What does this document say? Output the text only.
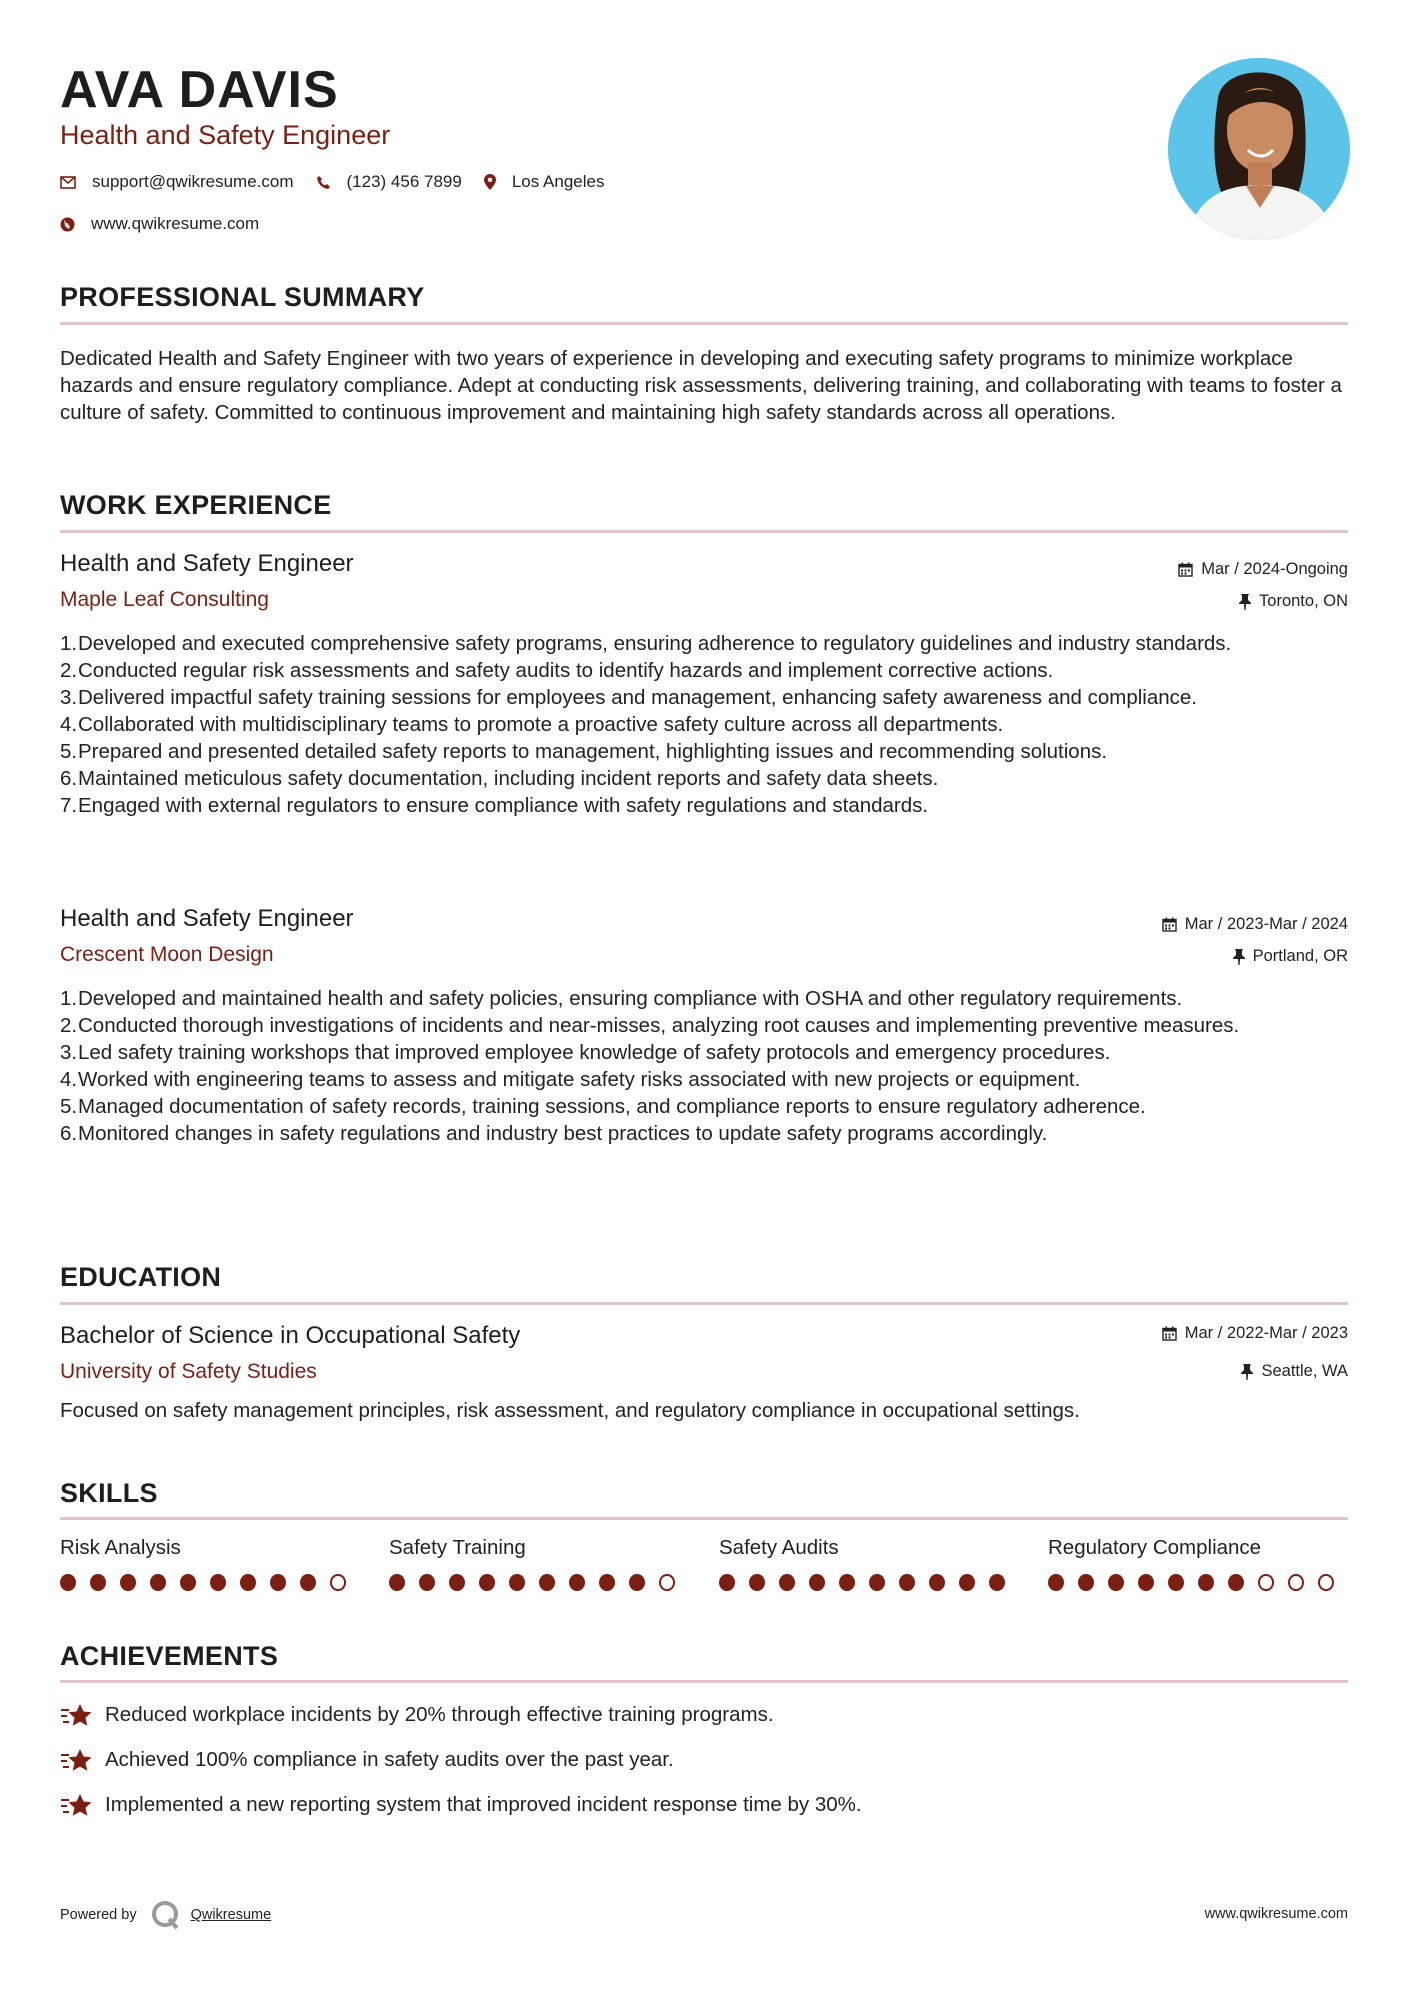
AVA DAVIS
Health and Safety Engineer
support@qwikresume.com	(123) 456 7899	Los Angeles
www.qwikresume.com
PROFESSIONAL SUMMARY
Dedicated Health and Safety Engineer with two years of experience in developing and executing safety programs to minimize workplace hazards and ensure regulatory compliance. Adept at conducting risk assessments, delivering training, and collaborating with teams to foster a culture of safety. Committed to continuous improvement and maintaining high safety standards across all operations.
WORK EXPERIENCE
Health and Safety Engineer	Mar / 2024-Ongoing
Maple Leaf Consulting	Toronto, ON
1. Developed and executed comprehensive safety programs, ensuring adherence to regulatory guidelines and industry standards.
2. Conducted regular risk assessments and safety audits to identify hazards and implement corrective actions.
3. Delivered impactful safety training sessions for employees and management, enhancing safety awareness and compliance.
4. Collaborated with multidisciplinary teams to promote a proactive safety culture across all departments.
5. Prepared and presented detailed safety reports to management, highlighting issues and recommending solutions.
6. Maintained meticulous safety documentation, including incident reports and safety data sheets.
7. Engaged with external regulators to ensure compliance with safety regulations and standards.
Health and Safety Engineer	Mar / 2023-Mar / 2024
Crescent Moon Design	Portland, OR
1. Developed and maintained health and safety policies, ensuring compliance with OSHA and other regulatory requirements.
2. Conducted thorough investigations of incidents and near-misses, analyzing root causes and implementing preventive measures.
3. Led safety training workshops that improved employee knowledge of safety protocols and emergency procedures.
4. Worked with engineering teams to assess and mitigate safety risks associated with new projects or equipment.
5. Managed documentation of safety records, training sessions, and compliance reports to ensure regulatory adherence.
6. Monitored changes in safety regulations and industry best practices to update safety programs accordingly.
EDUCATION
Bachelor of Science in Occupational Safety	Mar / 2022-Mar / 2023
University of Safety Studies	Seattle, WA
Focused on safety management principles, risk assessment, and regulatory compliance in occupational settings.
SKILLS
Risk Analysis	Safety Training	Safety Audits	Regulatory Compliance
ACHIEVEMENTS
Reduced workplace incidents by 20% through effective training programs.
Achieved 100% compliance in safety audits over the past year.
Implemented a new reporting system that improved incident response time by 30%.
Powered by	Qwikresume	www.qwikresume.com
